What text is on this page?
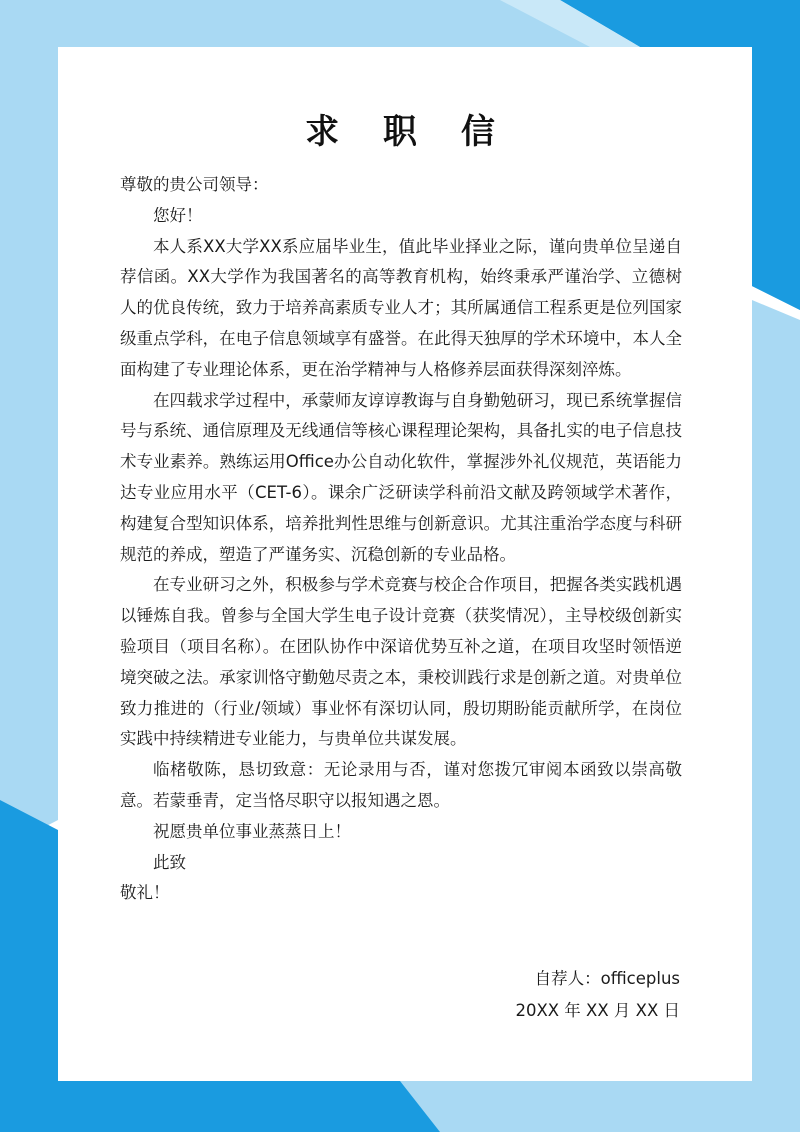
求 职 信

尊敬的贵公司领导：

您好！

本人系XX大学XX系应届毕业生，值此毕业择业之际，谨向贵单位呈递自荐信函。XX大学作为我国著名的高等教育机构，始终秉承严谨治学、立德树人的优良传统，致力于培养高素质专业人才；其所属通信工程系更是位列国家级重点学科，在电子信息领域享有盛誉。在此得天独厚的学术环境中，本人全面构建了专业理论体系，更在治学精神与人格修养层面获得深刻淬炼。

在四载求学过程中，承蒙师友谆谆教诲与自身勤勉研习，现已系统掌握信号与系统、通信原理及无线通信等核心课程理论架构，具备扎实的电子信息技术专业素养。熟练运用Office办公自动化软件，掌握涉外礼仪规范，英语能力达专业应用水平（CET-6）。课余广泛研读学科前沿文献及跨领域学术著作，构建复合型知识体系，培养批判性思维与创新意识。尤其注重治学态度与科研规范的养成，塑造了严谨务实、沉稳创新的专业品格。

在专业研习之外，积极参与学术竞赛与校企合作项目，把握各类实践机遇以锤炼自我。曾参与全国大学生电子设计竞赛（获奖情况），主导校级创新实验项目（项目名称）。在团队协作中深谙优势互补之道，在项目攻坚时领悟逆境突破之法。承家训恪守勤勉尽责之本，秉校训践行求是创新之道。对贵单位致力推进的（行业/领域）事业怀有深切认同，殷切期盼能贡献所学，在岗位实践中持续精进专业能力，与贵单位共谋发展。

临楮敬陈，恳切致意：无论录用与否，谨对您拨冗审阅本函致以崇高敬意。若蒙垂青，定当恪尽职守以报知遇之恩。

祝愿贵单位事业蒸蒸日上！

此致

敬礼！

自荐人：officeplus
20XX 年 XX 月 XX 日
